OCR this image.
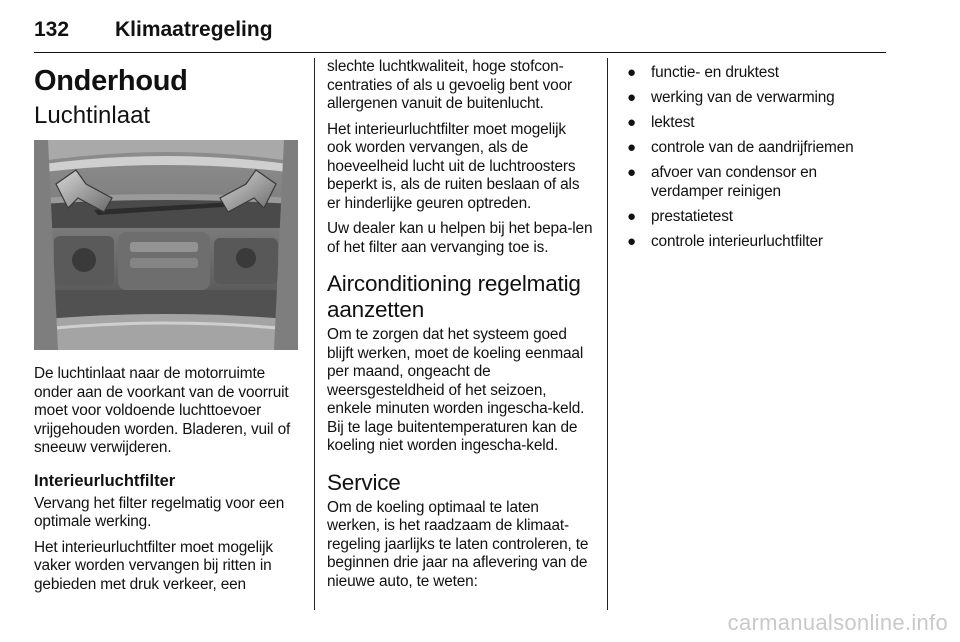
132 Klimaatregeling
Onderhoud
Luchtinlaat
De luchtinlaat naar de motorruimte onder aan de voorkant van de voorruit moet voor voldoende luchttoevoer vrijgehouden worden. Bladeren, vuil of sneeuw verwijderen.
Interieurluchtfilter
Vervang het filter regelmatig voor een optimale werking.
Het interieurluchtfilter moet mogelijk vaker worden vervangen bij ritten in gebieden met druk verkeer, een
slechte luchtkwaliteit, hoge stofcon-centraties of als u gevoelig bent voor allergenen vanuit de buitenlucht.
Het interieurluchtfilter moet mogelijk ook worden vervangen, als de hoeveelheid lucht uit de luchtroosters beperkt is, als de ruiten beslaan of als er hinderlijke geuren optreden.
Uw dealer kan u helpen bij het bepa-len of het filter aan vervanging toe is.
Airconditioning regelmatig aanzetten
Om te zorgen dat het systeem goed blijft werken, moet de koeling eenmaal per maand, ongeacht de weersgesteldheid of het seizoen, enkele minuten worden ingescha-keld. Bij te lage buitentemperaturen kan de koeling niet worden ingescha-keld.
Service
Om de koeling optimaal te laten werken, is het raadzaam de klimaat-regeling jaarlijks te laten controleren, te beginnen drie jaar na aflevering van de nieuwe auto, te weten:
● functie- en druktest
● werking van de verwarming
● lektest
● controle van de aandrijfriemen
● afvoer van condensor en verdamper reinigen
● prestatietest
● controle interieurluchtfilter
carmanualsonline.info
